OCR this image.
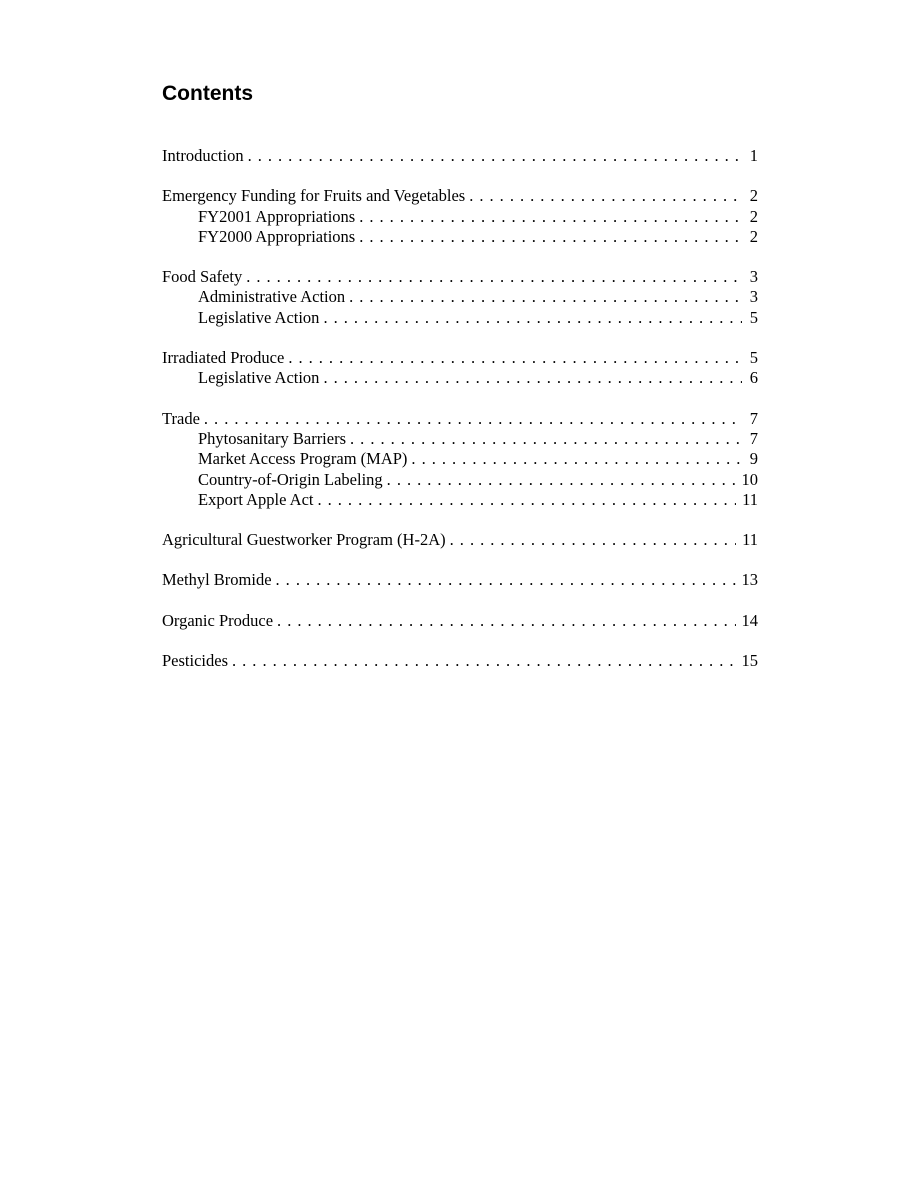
Contents
Introduction . . .	1
Emergency Funding for Fruits and Vegetables . . .	2
FY2001 Appropriations . . .	2
FY2000 Appropriations . . .	2
Food Safety . . .	3
Administrative Action . . .	3
Legislative Action . . .	5
Irradiated Produce . . .	5
Legislative Action . . .	6
Trade . . .	7
Phytosanitary Barriers . . .	7
Market Access Program (MAP) . . .	9
Country-of-Origin Labeling . . .	10
Export Apple Act . . .	11
Agricultural Guestworker Program (H-2A) . . .	11
Methyl Bromide . . .	13
Organic Produce . . .	14
Pesticides . . .	15
